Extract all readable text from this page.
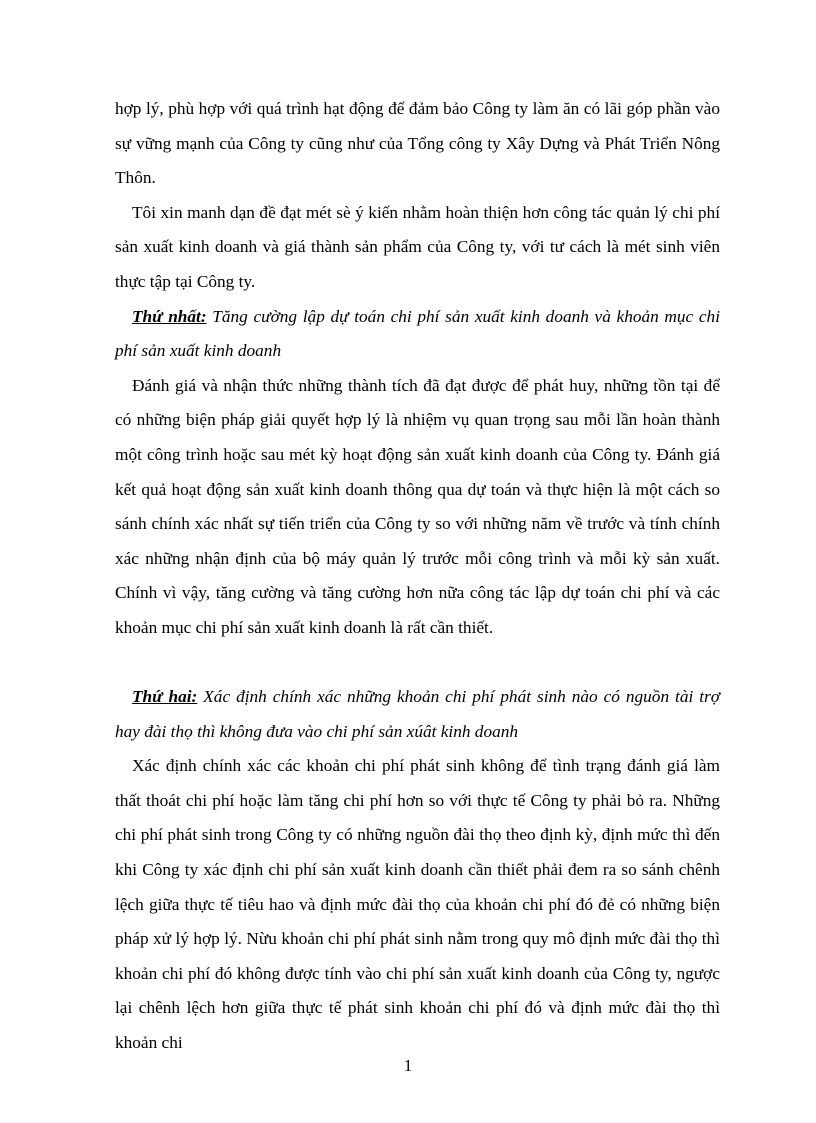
hợp lý, phù hợp với quá trình hạt động để đảm bảo Công ty làm ăn có lãi góp phần vào sự vững mạnh của Công ty cũng như của Tổng công ty Xây Dựng và Phát Triển Nông Thôn.

Tôi xin manh dạn đề đạt mét sè ý kiến nhằm hoàn thiện hơn công tác quản lý chi phí sản xuất kinh doanh và giá thành sản phẩm của Công ty, với tư cách là mét sinh viên thực tập tại Công ty.

Thứ nhất: Tăng cường lập dự toán chi phí sản xuất kinh doanh và khoản mục chi phí sản xuất kinh doanh

Đánh giá và nhận thức những thành tích đã đạt được để phát huy, những tồn tại để có những biện pháp giải quyết hợp lý là nhiệm vụ quan trọng sau mỗi lần hoàn thành một công trình hoặc sau mét kỳ hoạt động sản xuất kinh doanh của Công ty. Đánh giá kết quả hoạt động sản xuất kinh doanh thông qua dự toán và thực hiện là một cách so sánh chính xác nhất sự tiến triển của Công ty so với những năm về trước và tính chính xác những nhận định của bộ máy quản lý trước mỗi công trình và mỗi kỳ sản xuất. Chính vì vậy, tăng cường và tăng cường hơn nữa công tác lập dự toán chi phí và các khoản mục chi phí sản xuất kinh doanh là rất cần thiết.

Thứ hai: Xác định chính xác những khoản chi phí phát sinh nào có nguồn tài trợ hay đài thọ thì không đưa vào chi phí sản xúât kinh doanh

Xác định chính xác các khoản chi phí phát sinh không để tình trạng đánh giá làm thất thoát chi phí hoặc làm tăng chi phí hơn so với thực tế Công ty phải bỏ ra. Những chi phí phát sinh trong Công ty có những nguồn đài thọ theo định kỳ, định mức thì đến khi Công ty xác định chi phí sản xuất kinh doanh cần thiết phải đem ra so sánh chênh lệch giữa thực tế tiêu hao và định mức đài thọ của khoản chi phí đó đẻ có những biện pháp xử lý hợp lý. Nừu khoản chi phí phát sinh nằm trong quy mô định mức đài thọ thì khoản chi phí đó không được tính vào chi phí sản xuất kinh doanh của Công ty, ngược lại chênh lệch hơn giữa thực tế phát sinh khoản chi phí đó và định mức đài thọ thì khoản chi

1
